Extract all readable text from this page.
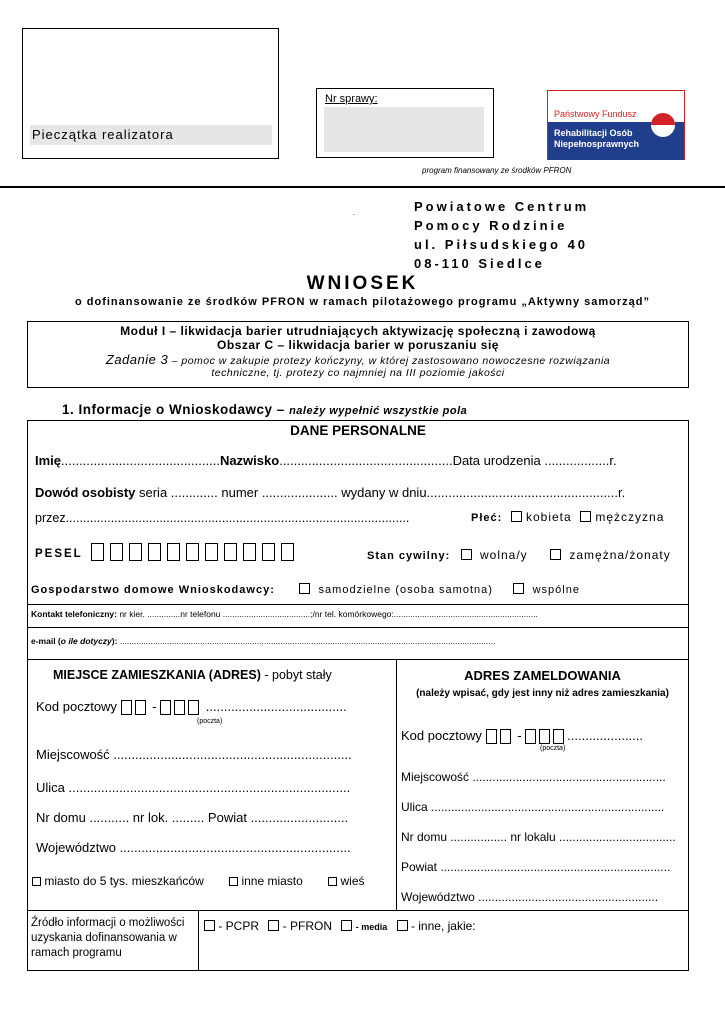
Pieczątka realizatora
Nr sprawy:
Państwowy Fundusz
Rehabilitacji Osób
Niepełnosprawnych
program finansowany ze środków PFRON
.	Powiatowe Centrum
Pomocy Rodzinie
ul. Piłsudskiego 40
08-110 Siedlce
WNIOSEK
o dofinansowanie ze środków PFRON w ramach pilotażowego programu „Aktywny samorząd”
Moduł I – likwidacja barier utrudniających aktywizację społeczną i zawodową
Obszar C – likwidacja barier w poruszaniu się
Zadanie 3 – pomoc w zakupie protezy kończyny, w której zastosowano nowoczesne rozwiązania
techniczne, tj. protezy co najmniej na III poziomie jakości
1. Informacje o Wnioskodawcy – należy wypełnić wszystkie pola
DANE PERSONALNE
Imię............................................Nazwisko................................................Data urodzenia ..................r.
Dowód osobisty seria ............. numer ..................... wydany w dniu.....................................................r.
przez...................................................................................................	Płeć: kobieta mężczyzna
PESEL	Stan cywilny: wolna/y	zamężna/żonaty
Gospodarstwo domowe Wnioskodawcy:	samodzielne (osoba samotna)	wspólne
Kontakt telefoniczny: nr kier. ..............nr telefonu .....................................;/nr tel. komórkowego:.............................................................
e-mail (o ile dotyczy): ...............................................................................................................................................................
MIEJSCE ZAMIESZKANIA (ADRES) - pobyt stały
Kod pocztowy	-	.......................................
(poczta)
Miejscowość ..................................................................
Ulica ..............................................................................
Nr domu ........... nr lok. ......... Powiat ...........................
Województwo ................................................................
miasto do 5 tys. mieszkańców	inne miasto	wieś
ADRES ZAMELDOWANIA
(należy wpisać, gdy jest inny niż adres zamieszkania)
Kod pocztowy	-	.....................
(poczta)
Miejscowość ..........................................................
Ulica ......................................................................
Nr domu ................. nr lokalu ...................................
Powiat .....................................................................
Województwo ......................................................
Źródło informacji o możliwości
uzyskania dofinansowania w
ramach programu
- PCPR - PFRON	- media - inne, jakie:
